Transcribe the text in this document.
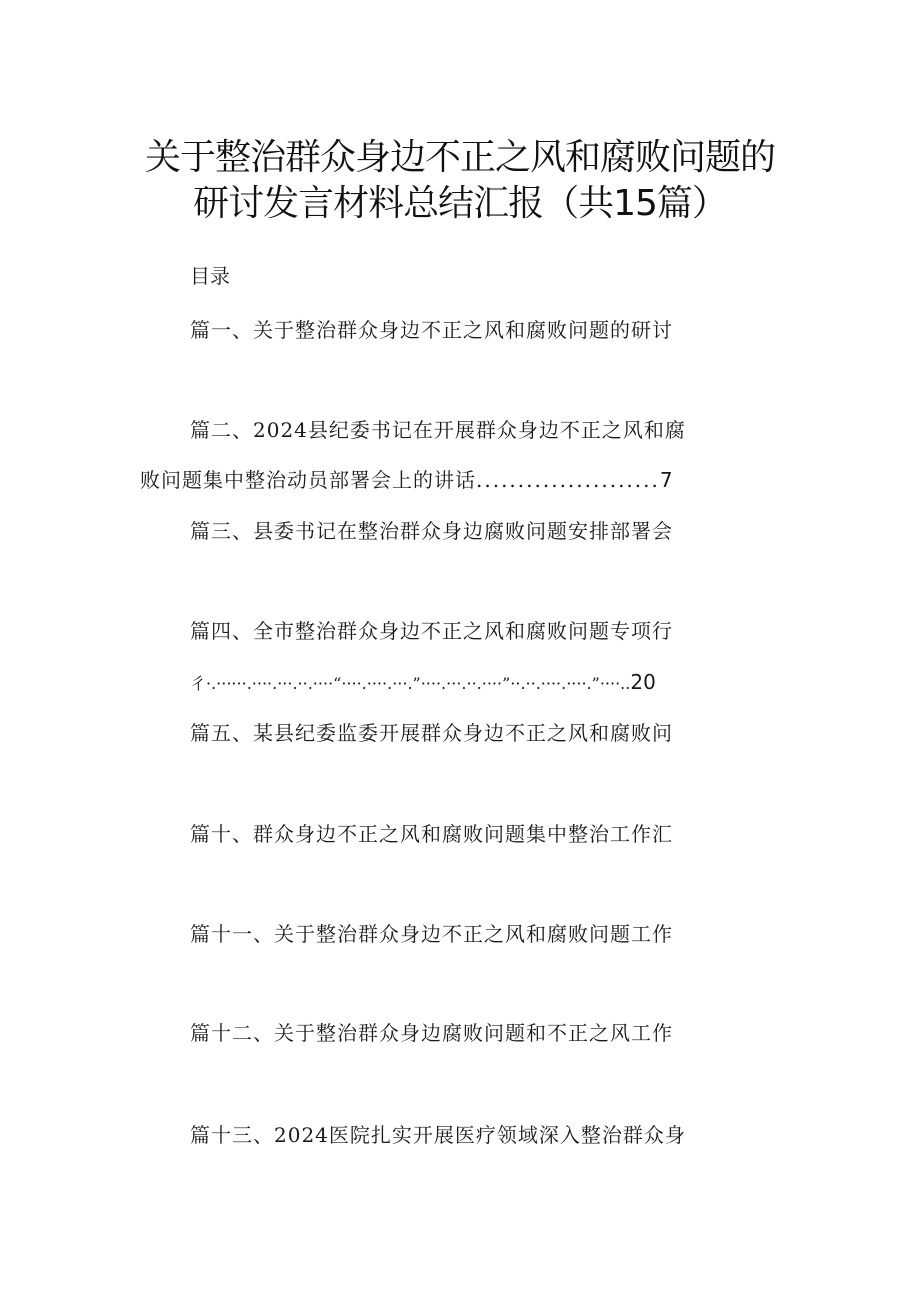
关于整治群众身边不正之风和腐败问题的
研讨发言材料总结汇报（共15篇）
目录
篇一、关于整治群众身边不正之风和腐败问题的研讨
篇二、2024县纪委书记在开展群众身边不正之风和腐
败问题集中整治动员部署会上的讲话......................7
篇三、县委书记在整治群众身边腐败问题安排部署会
篇四、全市整治群众身边不正之风和腐败问题专项行
彳·.······.····.···.··.····“····.····.···.”····.···.··.····”··.··.····.····.”····..20
篇五、某县纪委监委开展群众身边不正之风和腐败问
篇十、群众身边不正之风和腐败问题集中整治工作汇
篇十一、关于整治群众身边不正之风和腐败问题工作
篇十二、关于整治群众身边腐败问题和不正之风工作
篇十三、2024医院扎实开展医疗领域深入整治群众身
